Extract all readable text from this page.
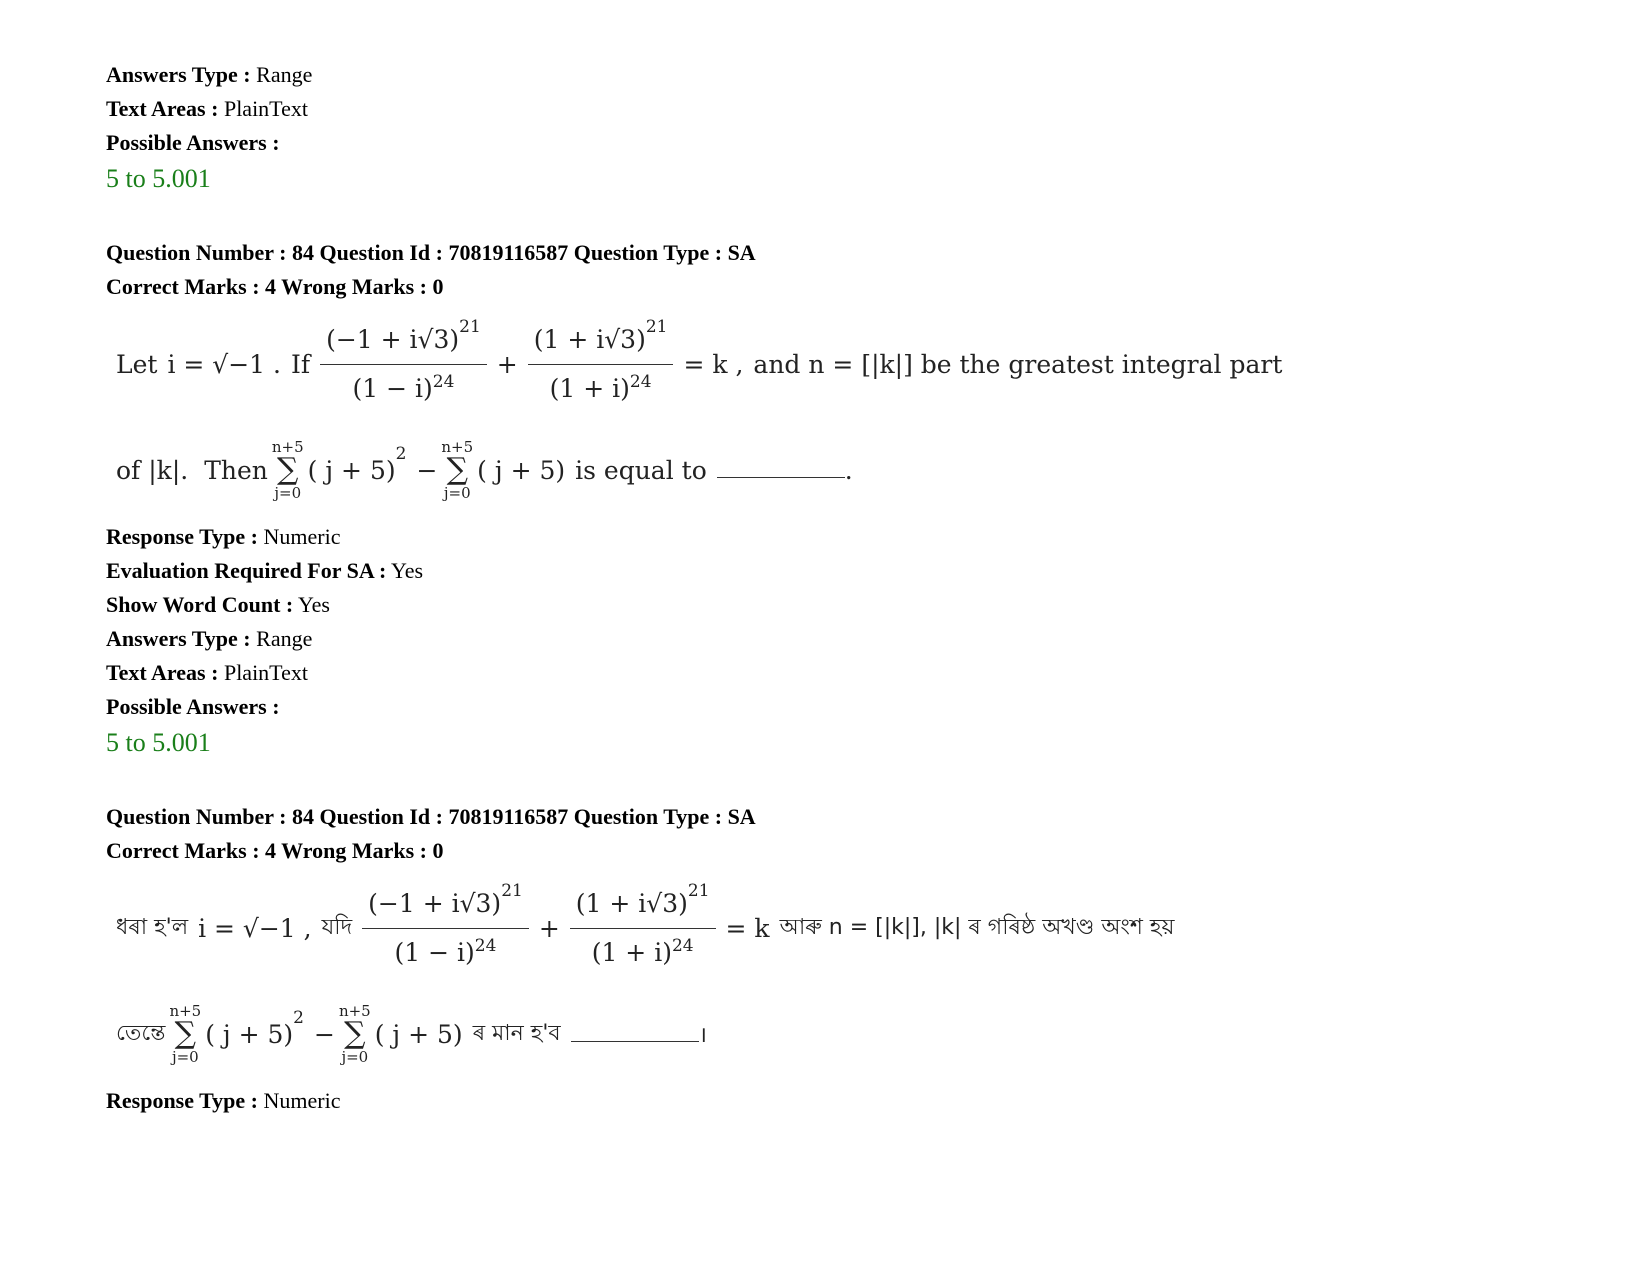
Answers Type : Range
Text Areas : PlainText
Possible Answers :
5 to 5.001
Question Number : 84 Question Id : 70819116587 Question Type : SA
Correct Marks : 4 Wrong Marks : 0
Let i = √−1 . If $\frac{(-1 + i√3)^{21}}{(1 - i)^{24}} + \frac{(1 + i√3)^{21}}{(1 + i)^{24}} = k$ , and n = [|k|] be the greatest integral part
of |k|. Then
n+5
∑
j=0
( j + 5)
2
−
n+5
∑
j=0
( j + 5) is equal to	.
Response Type : Numeric
Evaluation Required For SA : Yes
Show Word Count : Yes
Answers Type : Range
Text Areas : PlainText
Possible Answers :
5 to 5.001
Question Number : 84 Question Id : 70819116587 Question Type : SA
Correct Marks : 4 Wrong Marks : 0
ধৰা হ'ল i = √−1 , যদি $\frac{(-1 + i√3)^{21}}{(1 - i)^{24}} + \frac{(1 + i√3)^{21}}{(1 + i)^{24}} = k$ আৰু n = [|k|], |k| ৰ গৰিষ্ঠ অখণ্ড অংশ হয়
তেন্তে
n+5
∑
j=0
( j + 5)
2
−
n+5
∑
j=0
( j + 5) ৰ মান হ'ব	।
Response Type : Numeric
